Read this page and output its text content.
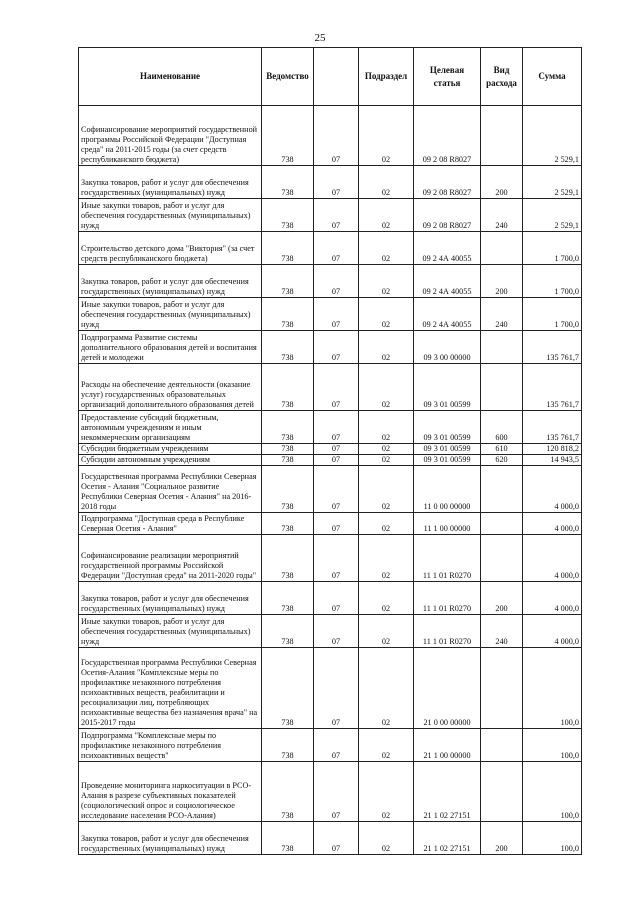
25
Наименование	Ведомство		Подраздел	Целевая статья	Вид расхода	Сумма

Софинансирование мероприятий государственной программы Российской Федерации "Доступная среда" на 2011-2015 годы (за счет средств республиканского бюджета)	738	07	02	09 2 08 R8027		2 529,1

Закупка товаров, работ и услуг для обеспечения государственных (муниципальных) нужд	738	07	02	09 2 08 R8027	200	2 529,1

Иные закупки товаров, работ и услуг для обеспечения государственных (муниципальных) нужд	738	07	02	09 2 08 R8027	240	2 529,1

Строительство детского дома "Виктория" (за счет средств республиканского бюджета)	738	07	02	09 2 4А 40055		1 700,0

Закупка товаров, работ и услуг для обеспечения государственных (муниципальных) нужд	738	07	02	09 2 4А 40055	200	1 700,0

Иные закупки товаров, работ и услуг для обеспечения государственных (муниципальных) нужд	738	07	02	09 2 4А 40055	240	1 700,0

Подпрограмма Развитие системы дополнительного образования детей и воспитания детей и молодежи	738	07	02	09 3 00 00000		135 761,7

Расходы на обеспечение деятельности (оказание услуг) государственных образовательных организаций дополнительного образования детей	738	07	02	09 3 01 00599		135 761,7

Предоставление субсидий бюджетным, автономным учреждениям и иным некоммерческим организациям	738	07	02	09 3 01 00599	600	135 761,7

Субсидии бюджетным учреждениям	738	07	02	09 3 01 00599	610	120 818,2

Субсидии автономным учреждениям	738	07	02	09 3 01 00599	620	14 943,5

Государственная программа Республики Северная Осетия - Алания "Социальное развитие Республики Северная Осетия - Алания" на 2016-2018 годы	738	07	02	11 0 00 00000		4 000,0

Подпрограмма "Доступная среда в Республике Северная Осетия - Алания"	738	07	02	11 1 00 00000		4 000,0

Софинансирование реализации мероприятий государственной программы Российской Федерации "Доступная среда" на 2011-2020 годы"	738	07	02	11 1 01 R0270		4 000,0

Закупка товаров, работ и услуг для обеспечения государственных (муниципальных) нужд	738	07	02	11 1 01 R0270	200	4 000,0

Иные закупки товаров, работ и услуг для обеспечения государственных (муниципальных) нужд	738	07	02	11 1 01 R0270	240	4 000,0

Государственная программа Республики Северная Осетия-Алания "Комплексные меры по профилактике незаконного потребления психоактивных веществ, реабилитации и ресоциализации лиц, потребляющих психоактивные вещества без назначения врача" на 2015-2017 годы	738	07	02	21 0 00 00000		100,0

Подпрограмма "Комплексные меры по профилактике незаконного потребления психоактивных веществ"	738	07	02	21 1 00 00000		100,0

Проведение мониторинга наркоситуации в РСО-Алания в разрезе субъективных показателей (социологический опрос и социологическое исследование населения РСО-Алания)	738	07	02	21 1 02 27151		100,0

Закупка товаров, работ и услуг для обеспечения государственных (муниципальных) нужд	738	07	02	21 1 02 27151	200	100,0
